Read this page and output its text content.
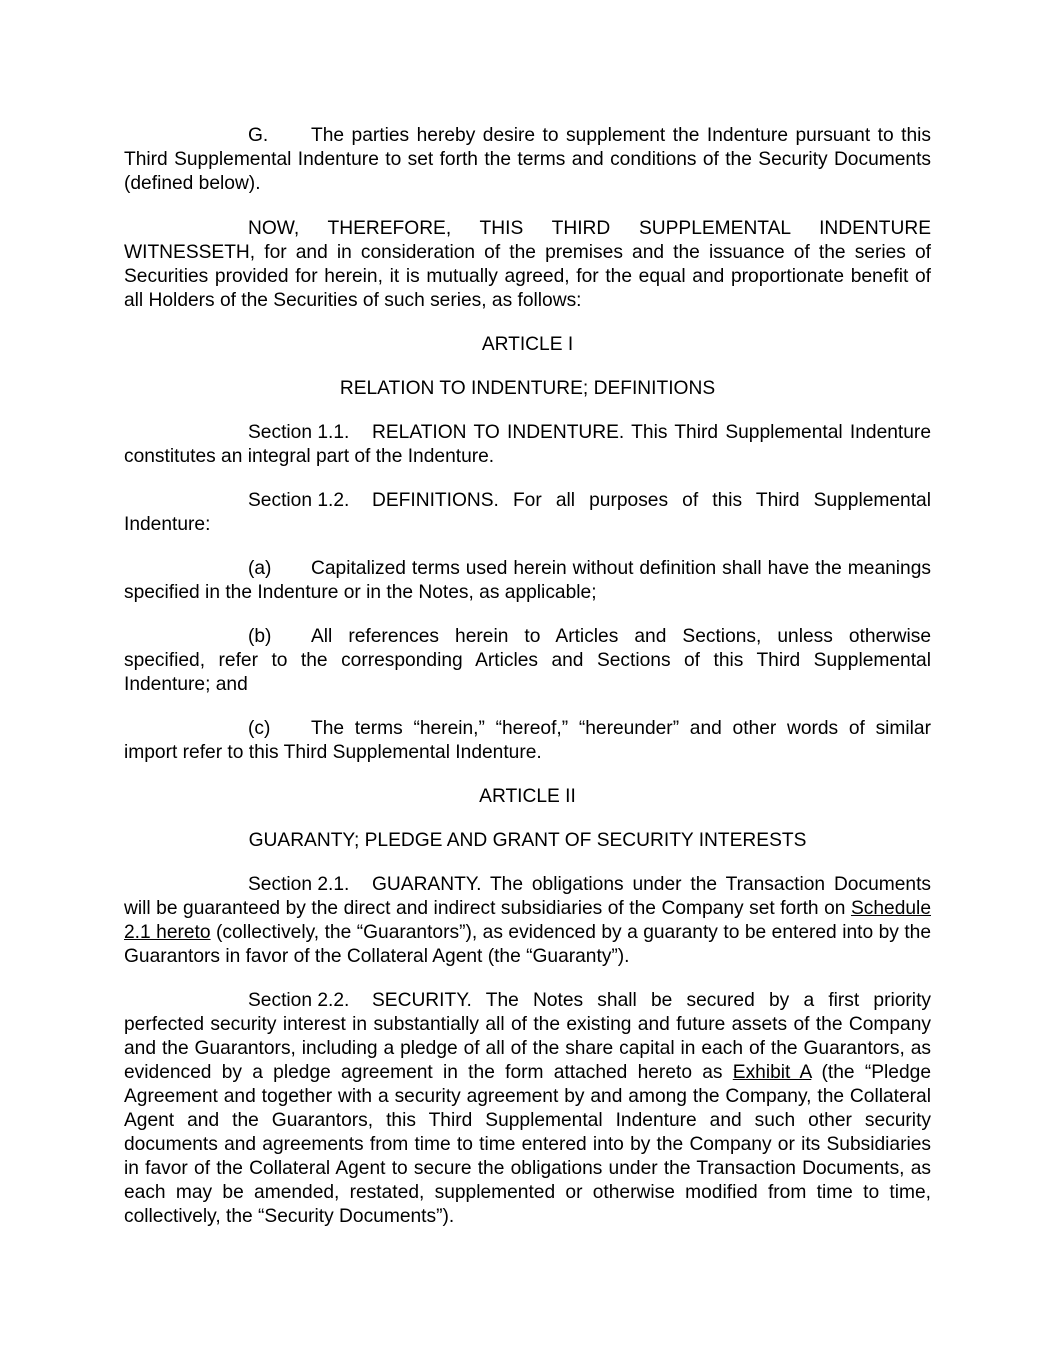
G. The parties hereby desire to supplement the Indenture pursuant to this Third Supplemental Indenture to set forth the terms and conditions of the Security Documents (defined below).

NOW, THEREFORE, THIS THIRD SUPPLEMENTAL INDENTURE WITNESSETH, for and in consideration of the premises and the issuance of the series of Securities provided for herein, it is mutually agreed, for the equal and proportionate benefit of all Holders of the Securities of such series, as follows:

ARTICLE I
RELATION TO INDENTURE; DEFINITIONS

Section 1.1. RELATION TO INDENTURE. This Third Supplemental Indenture constitutes an integral part of the Indenture.

Section 1.2. DEFINITIONS. For all purposes of this Third Supplemental Indenture:

(a) Capitalized terms used herein without definition shall have the meanings specified in the Indenture or in the Notes, as applicable;

(b) All references herein to Articles and Sections, unless otherwise specified, refer to the corresponding Articles and Sections of this Third Supplemental Indenture; and

(c) The terms “herein,” “hereof,” “hereunder” and other words of similar import refer to this Third Supplemental Indenture.

ARTICLE II
GUARANTY; PLEDGE AND GRANT OF SECURITY INTERESTS

Section 2.1. GUARANTY. The obligations under the Transaction Documents will be guaranteed by the direct and indirect subsidiaries of the Company set forth on Schedule 2.1 hereto (collectively, the “Guarantors”), as evidenced by a guaranty to be entered into by the Guarantors in favor of the Collateral Agent (the “Guaranty”).

Section 2.2. SECURITY. The Notes shall be secured by a first priority perfected security interest in substantially all of the existing and future assets of the Company and the Guarantors, including a pledge of all of the share capital in each of the Guarantors, as evidenced by a pledge agreement in the form attached hereto as Exhibit A (the “Pledge Agreement and together with a security agreement by and among the Company, the Collateral Agent and the Guarantors, this Third Supplemental Indenture and such other security documents and agreements from time to time entered into by the Company or its Subsidiaries in favor of the Collateral Agent to secure the obligations under the Transaction Documents, as each may be amended, restated, supplemented or otherwise modified from time to time, collectively, the “Security Documents”).
